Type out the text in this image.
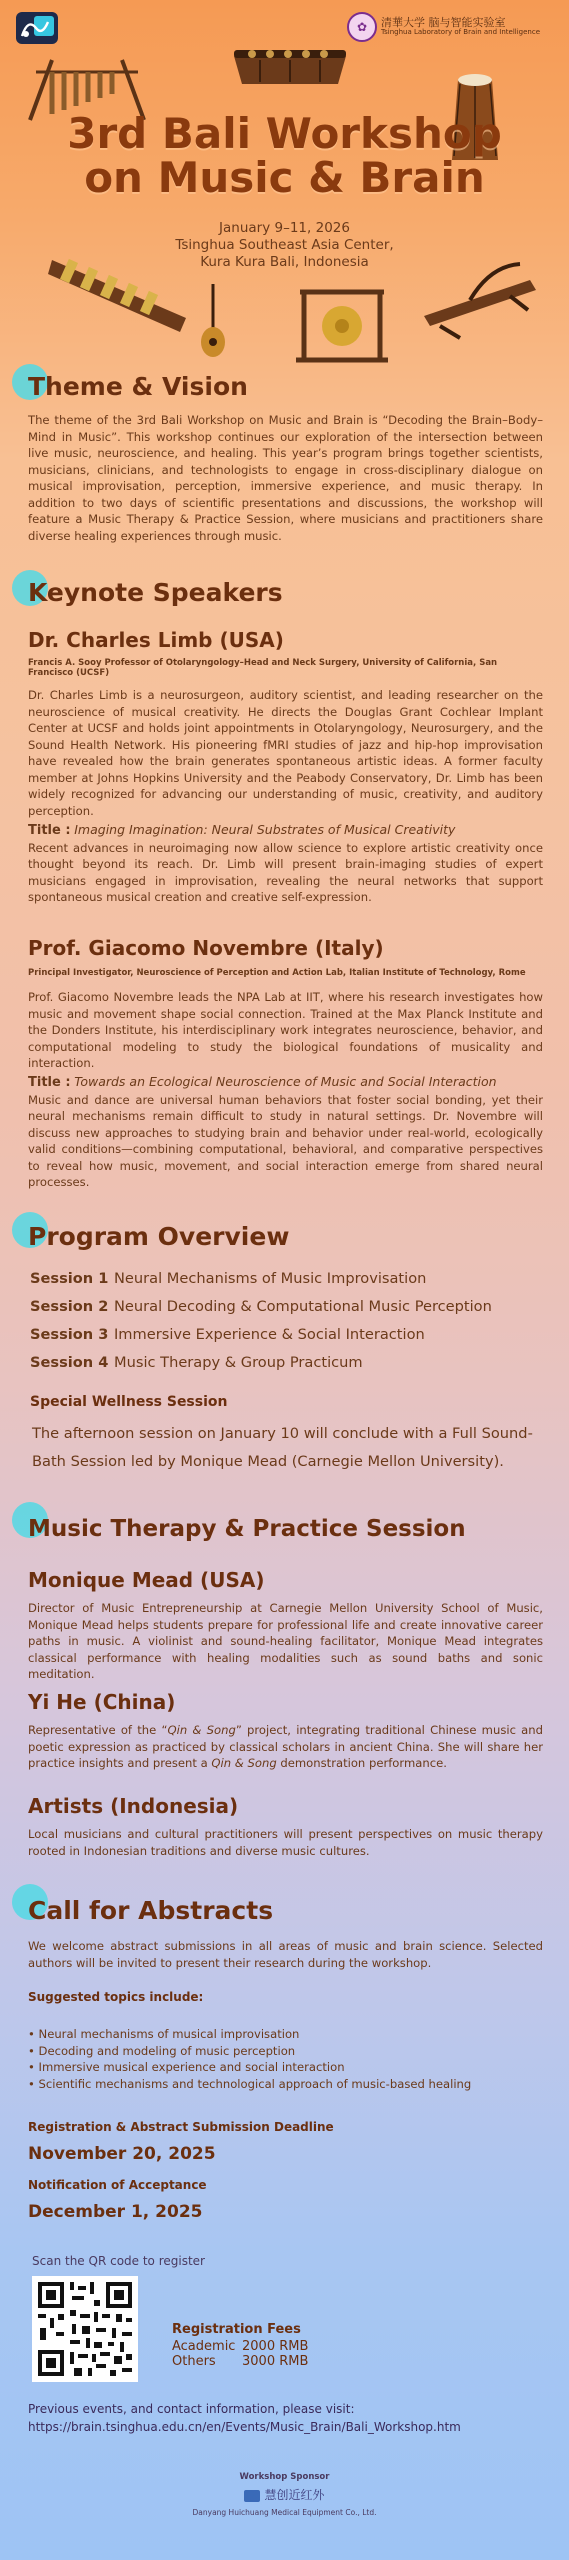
✿	清華大学 脑与智能实验室
Tsinghua Laboratory of Brain and Intelligence
3rd Bali Workshop
on Music & Brain
January 9–11, 2026
Tsinghua Southeast Asia Center,
Kura Kura Bali, Indonesia
Theme & Vision
The theme of the 3rd Bali Workshop on Music and Brain is “Decoding the Brain–Body–Mind in Music”. This workshop continues our exploration of the intersection between live music, neuroscience, and healing. This year’s program brings together scientists, musicians, clinicians, and technologists to engage in cross-disciplinary dialogue on musical improvisation, perception, immersive experience, and music therapy. In addition to two days of scientific presentations and discussions, the workshop will feature a Music Therapy & Practice Session, where musicians and practitioners share diverse healing experiences through music.
Keynote Speakers
Dr. Charles Limb (USA)
Francis A. Sooy Professor of Otolaryngology–Head and Neck Surgery, University of California, San Francisco (UCSF)
Dr. Charles Limb is a neurosurgeon, auditory scientist, and leading researcher on the neuroscience of musical creativity. He directs the Douglas Grant Cochlear Implant Center at UCSF and holds joint appointments in Otolaryngology, Neurosurgery, and the Sound Health Network. His pioneering fMRI studies of jazz and hip-hop improvisation have revealed how the brain generates spontaneous artistic ideas. A former faculty member at Johns Hopkins University and the Peabody Conservatory, Dr. Limb has been widely recognized for advancing our understanding of music, creativity, and auditory perception.
Title : Imaging Imagination: Neural Substrates of Musical Creativity
Recent advances in neuroimaging now allow science to explore artistic creativity once thought beyond its reach. Dr. Limb will present brain-imaging studies of expert musicians engaged in improvisation, revealing the neural networks that support spontaneous musical creation and creative self-expression.
Prof. Giacomo Novembre (Italy)
Principal Investigator, Neuroscience of Perception and Action Lab, Italian Institute of Technology, Rome
Prof. Giacomo Novembre leads the NPA Lab at IIT, where his research investigates how music and movement shape social connection. Trained at the Max Planck Institute and the Donders Institute, his interdisciplinary work integrates neuroscience, behavior, and computational modeling to study the biological foundations of musicality and interaction.
Title : Towards an Ecological Neuroscience of Music and Social Interaction
Music and dance are universal human behaviors that foster social bonding, yet their neural mechanisms remain difficult to study in natural settings. Dr. Novembre will discuss new approaches to studying brain and behavior under real-world, ecologically valid conditions—combining computational, behavioral, and comparative perspectives to reveal how music, movement, and social interaction emerge from shared neural processes.
Program Overview
Session 1 Neural Mechanisms of Music Improvisation
Session 2 Neural Decoding & Computational Music Perception
Session 3 Immersive Experience & Social Interaction
Session 4 Music Therapy & Group Practicum
Special Wellness Session
The afternoon session on January 10 will conclude with a Full Sound-Bath Session led by Monique Mead (Carnegie Mellon University).
Music Therapy & Practice Session
Monique Mead (USA)
Director of Music Entrepreneurship at Carnegie Mellon University School of Music, Monique Mead helps students prepare for professional life and create innovative career paths in music. A violinist and sound-healing facilitator, Monique Mead integrates classical performance with healing modalities such as sound baths and sonic meditation.
Yi He (China)
Representative of the “Qin & Song” project, integrating traditional Chinese music and poetic expression as practiced by classical scholars in ancient China. She will share her practice insights and present a Qin & Song demonstration performance.
Artists (Indonesia)
Local musicians and cultural practitioners will present perspectives on music therapy rooted in Indonesian traditions and diverse music cultures.
Call for Abstracts
We welcome abstract submissions in all areas of music and brain science. Selected authors will be invited to present their research during the workshop.
Suggested topics include:
• Neural mechanisms of musical improvisation
• Decoding and modeling of music perception
• Immersive musical experience and social interaction
• Scientific mechanisms and technological approach of music-based healing
Registration & Abstract Submission Deadline
November 20, 2025
Notification of Acceptance
December 1, 2025
Scan the QR code to register
Registration Fees
Academic 2000 RMB
Others	3000 RMB
Previous events, and contact information, please visit:
https://brain.tsinghua.edu.cn/en/Events/Music_Brain/Bali_Workshop.htm
Workshop Sponsor
慧创近红外
Danyang Huichuang Medical Equipment Co., Ltd.
